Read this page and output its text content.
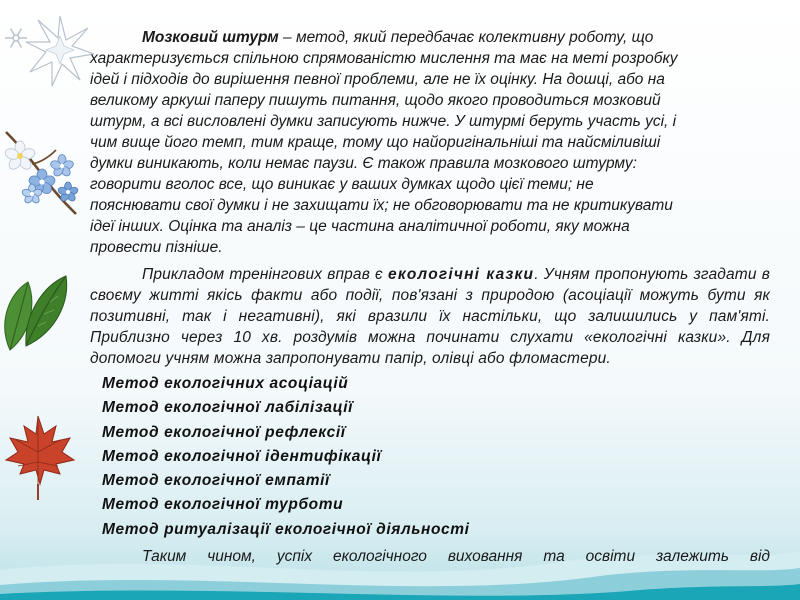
Мозковий штурм – метод, який передбачає колективну роботу, що
характеризується спільною спрямованістю мислення та має на меті розробку
ідей і підходів до вирішення певної проблеми, але не їх оцінку. На дошці, або на
великому аркуші паперу пишуть питання, щодо якого проводиться мозковий
штурм, а всі висловлені думки записують нижче. У штурмі беруть участь усі, і
чим вище його темп, тим краще, тому що найоригінальніші та найсміливіші
думки виникають, коли немає паузи. Є також правила мозкового штурму:
говорити вголос все, що виникає у ваших думках щодо цієї теми; не
пояснювати свої думки і не захищати їх; не обговорювати та не критикувати
ідеї інших. Оцінка та аналіз – це частина аналітичної роботи, яку можна
провести пізніше.

Прикладом тренінгових вправ є екологічні казки. Учням пропонують згадати в своєму житті якісь факти або події, пов'язані з природою (асоціації можуть бути як позитивні, так і негативні), які вразили їх настільки, що залишились у пам'яті. Приблизно через 10 хв. роздумів можна починати слухати «екологічні казки». Для допомоги учням можна запропонувати папір, олівці або фломастери.

Метод екологічних асоціацій
Метод екологічної лабілізації
Метод екологічної рефлексії
Метод екологічної ідентифікації
Метод екологічної емпатії
Метод екологічної турботи
Метод ритуалізації екологічної діяльності

Таким чином, успіх екологічного виховання та освіти залежить від
